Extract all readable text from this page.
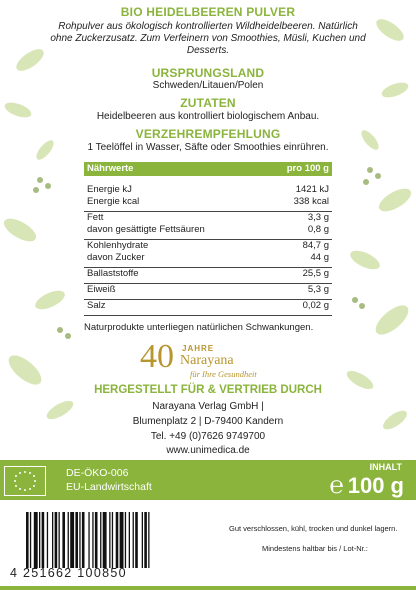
BIO HEIDELBEEREN PULVER
Rohpulver aus ökologisch kontrollierten Wildheidelbeeren. Natürlich ohne Zuckerzusatz. Zum Verfeinern von Smoothies, Müsli, Kuchen und Desserts.
URSPRUNGSLAND
Schweden/Litauen/Polen
ZUTATEN
Heidelbeeren aus kontrolliert biologischem Anbau.
VERZEHREMPFEHLUNG
1 Teelöffel in Wasser, Säfte oder Smoothies einrühren.
Nährwerte	pro 100 g
Energie kJ	1421 kJ
Energie kcal	338 kcal
Fett	3,3 g
davon gesättigte Fettsäuren	0,8 g
Kohlenhydrate	84,7 g
davon Zucker	44 g
Ballaststoffe	25,5 g
Eiweiß	5,3 g
Salz	0,02 g
Naturprodukte unterliegen natürlichen Schwankungen.
40 JAHRE
Narayana
für Ihre Gesundheit
HERGESTELLT FÜR & VERTRIEB DURCH
Narayana Verlag GmbH |
Blumenplatz 2 | D-79400 Kandern
Tel. +49 (0)7626 9749700
www.unimedica.de
DE-ÖKO-006
EU-Landwirtschaft
INHALT
℮ 100 g
4 251662 100850
Gut verschlossen, kühl, trocken und dunkel lagern.
Mindestens haltbar bis / Lot-Nr.:
